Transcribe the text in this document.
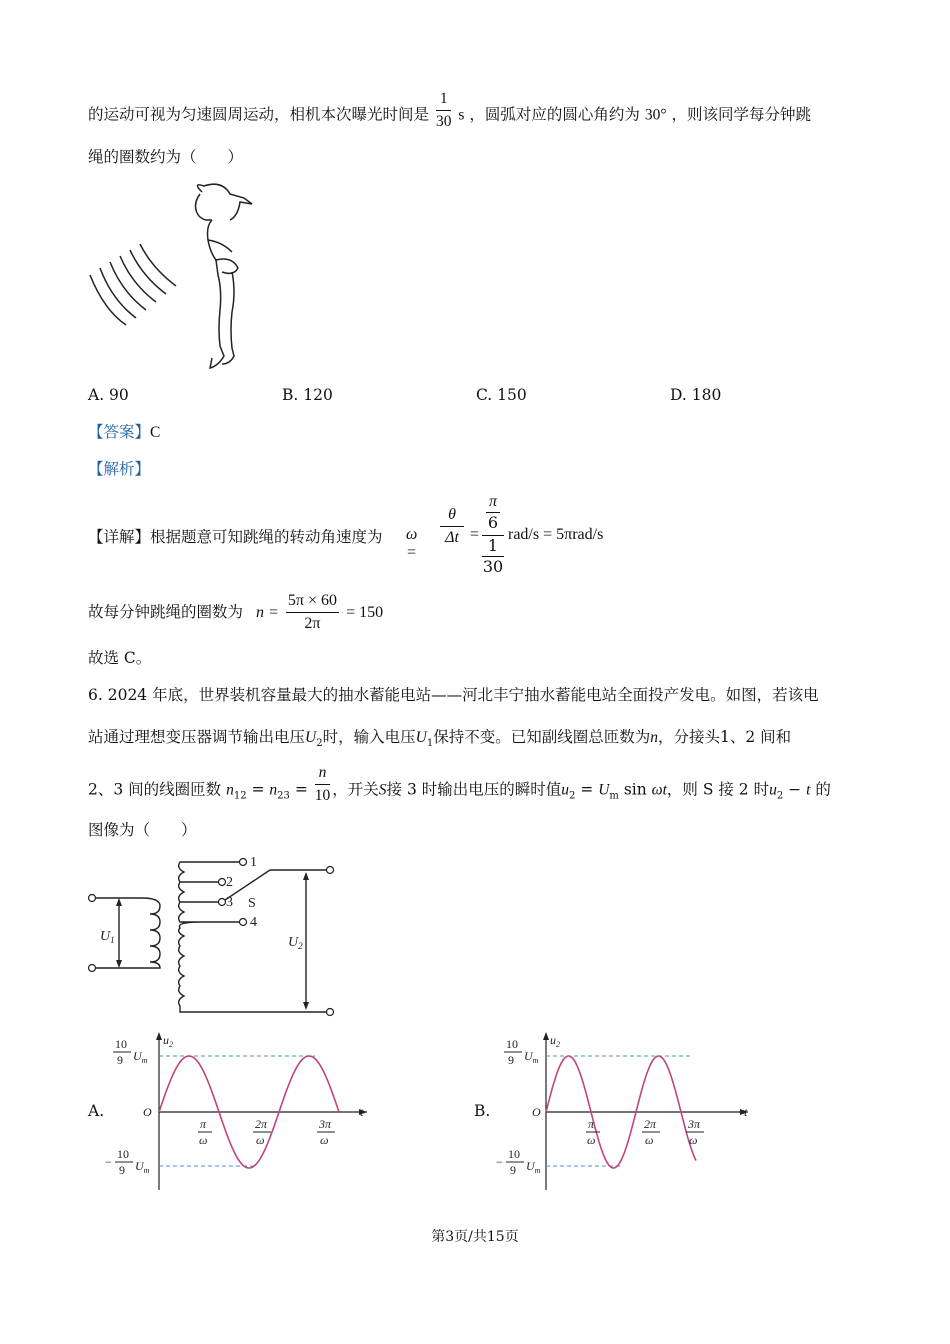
的运动可视为匀速圆周运动，相机本次曝光时间是 $\frac{1}{30}$ s ，圆弧对应的圆心角约为 30° ，则该同学每分钟跳
绳的圈数约为（　　）
A. 90	B. 120	C. 150	D. 180
【答案】C
【解析】
【详解】根据题意可知跳绳的转动角速度为 ω =
$\frac{\theta}{\Delta t}$ =
π
6
1
30
rad/s = 5πrad/s
故每分钟跳绳的圈数为 $n = \frac{5\pi \times 60}{2\pi} = 150$
故选 C。
6. 2024 年底，世界装机容量最大的抽水蓄能电站——河北丰宁抽水蓄能电站全面投产发电。如图，若该电
站通过理想变压器调节输出电压$U_2$时，输入电压$U_1$保持不变。已知副线圈总匝数为n，分接头1、2 间和
2、3 间的线圈匝数 $n_{12} = n_{23} = \frac{n}{10}$ ，开关S接 3 时输出电压的瞬时值$u_2 = U_m$ sin ωt，则 S 接 2 时$u_2 - t$ 的
图像为（　　）
1
2
3
4
S
$U_1$	$U_2$
A.
10
9 $U_m$
−
10
9 $U_m$
O
$u_2$
π
ω
2π
ω
3π
ω
B.
10
9 $U_m$
−
10
9 $U_m$
O
$u_2$
π
ω
2π
ω
3π
ω
第3页/共15页
